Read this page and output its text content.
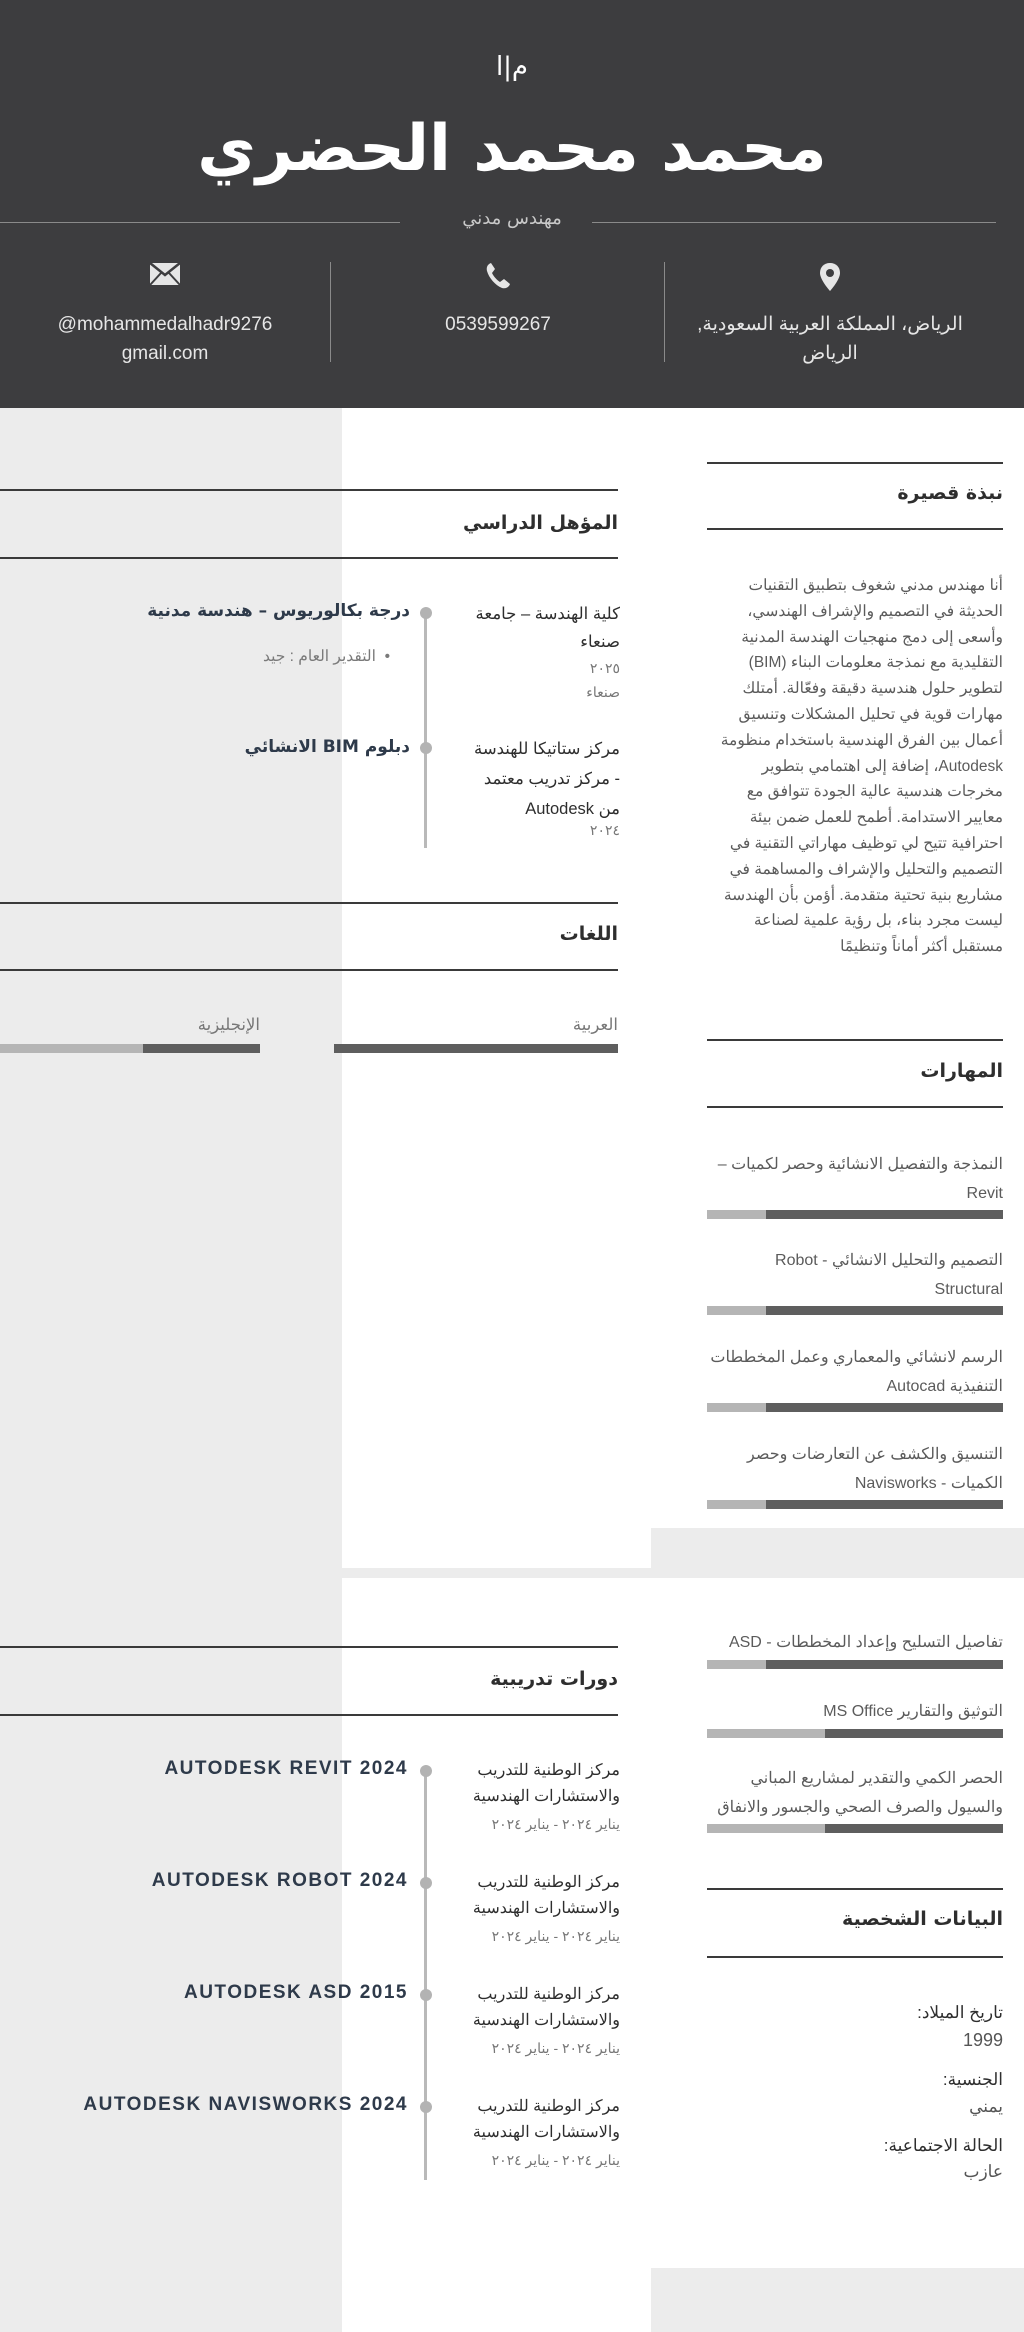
م|ا
محمد محمد الحضري
مهندس مدني
mohammedalhadr9276@
gmail.com
0539599267	الرياض، المملكة العربية السعودية,
الرياض
نبذة قصيرة
أنا مهندس مدني شغوف بتطبيق التقنيات الحديثة في التصميم والإشراف الهندسي، وأسعى إلى دمج منهجيات الهندسة المدنية التقليدية مع نمذجة معلومات البناء (BIM) لتطوير حلول هندسية دقيقة وفعّالة. أمتلك مهارات قوية في تحليل المشكلات وتنسيق أعمال بين الفرق الهندسية باستخدام منظومة Autodesk، إضافة إلى اهتمامي بتطوير مخرجات هندسية عالية الجودة تتوافق مع معايير الاستدامة. أطمح للعمل ضمن بيئة احترافية تتيح لي توظيف مهاراتي التقنية في التصميم والتحليل والإشراف والمساهمة في مشاريع بنية تحتية متقدمة. أؤمن بأن الهندسة ليست مجرد بناء، بل رؤية علمية لصناعة مستقبل أكثر أماناً وتنظيمًا
المهارات
النمذجة والتفصيل الانشائية وحصر لكميات – Revit
التصميم والتحليل الانشائي - Robot Structural
الرسم لانشائي والمعماري وعمل المخططات التنفيذية Autocad
التنسيق والكشف عن التعارضات وحصر الكميات - Navisworks
تفاصيل التسليح وإعداد المخططات - ASD
التوثيق والتقارير MS Office
الحصر الكمي والتقدير لمشاريع المباني والسيول والصرف الصحي والجسور والانفاق
البيانات الشخصية
تاريخ الميلاد:
1999
الجنسية:
يمني
الحالة الاجتماعية:
عازب
المؤهل الدراسي
كلية الهندسة – جامعة صنعاء
٢٠٢٥
صنعاء
درجة بكالوريوس – هندسة مدنية
•  التقدير العام : جيد
مركز ستاتيكا للهندسة - مركز تدريب معتمد من Autodesk
٢٠٢٤
دبلوم BIM الانشائي
اللغات
العربية
الإنجليزية
دورات تدريبية
مركز الوطنية للتدريب والاستشارات الهندسية
يناير ٢٠٢٤ - يناير ٢٠٢٤
AUTODESK REVIT 2024
مركز الوطنية للتدريب والاستشارات الهندسية
يناير ٢٠٢٤ - يناير ٢٠٢٤
AUTODESK ROBOT 2024
مركز الوطنية للتدريب والاستشارات الهندسية
يناير ٢٠٢٤ - يناير ٢٠٢٤
AUTODESK ASD 2015
مركز الوطنية للتدريب والاستشارات الهندسية
يناير ٢٠٢٤ - يناير ٢٠٢٤
AUTODESK NAVISWORKS 2024
